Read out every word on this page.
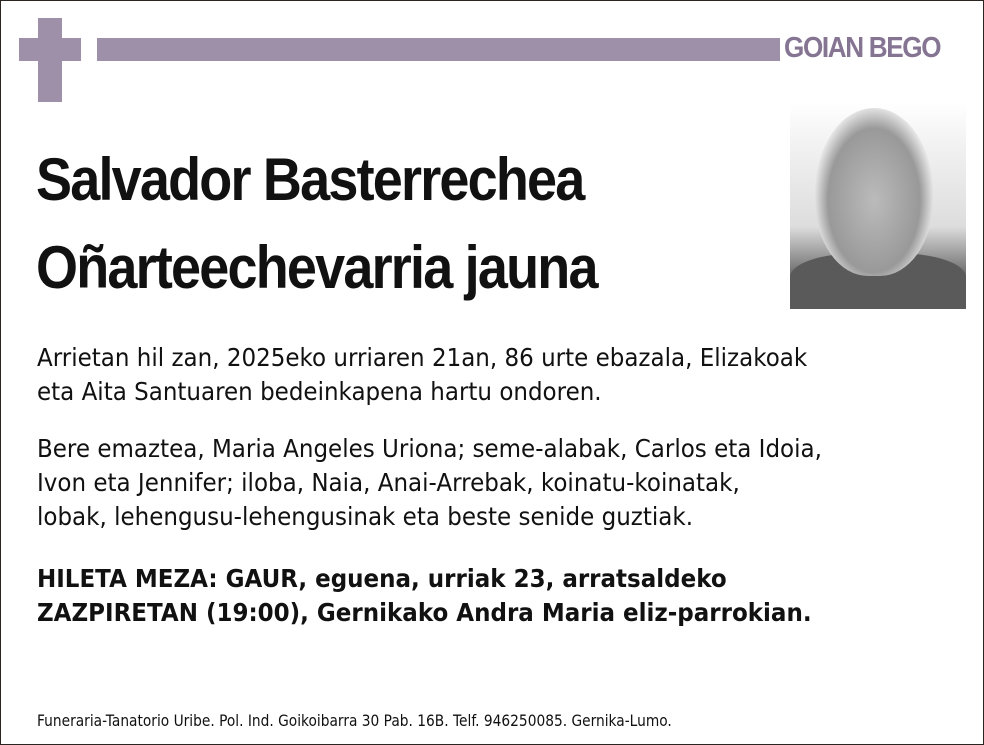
GOIAN BEGO
Salvador Basterrechea
Oñarteechevarria jauna
Arrietan hil zan, 2025eko urriaren 21an, 86 urte ebazala, Elizakoak
eta Aita Santuaren bedeinkapena hartu ondoren.
Bere emaztea, Maria Angeles Uriona; seme-alabak, Carlos eta Idoia,
Ivon eta Jennifer; iloba, Naia, Anai-Arrebak, koinatu-koinatak,
lobak, lehengusu-lehengusinak eta beste senide guztiak.
HILETA MEZA: GAUR, eguena, urriak 23, arratsaldeko
ZAZPIRETAN (19:00), Gernikako Andra Maria eliz-parrokian.
Funeraria-Tanatorio Uribe. Pol. Ind. Goikoibarra 30 Pab. 16B. Telf. 946250085. Gernika-Lumo.
